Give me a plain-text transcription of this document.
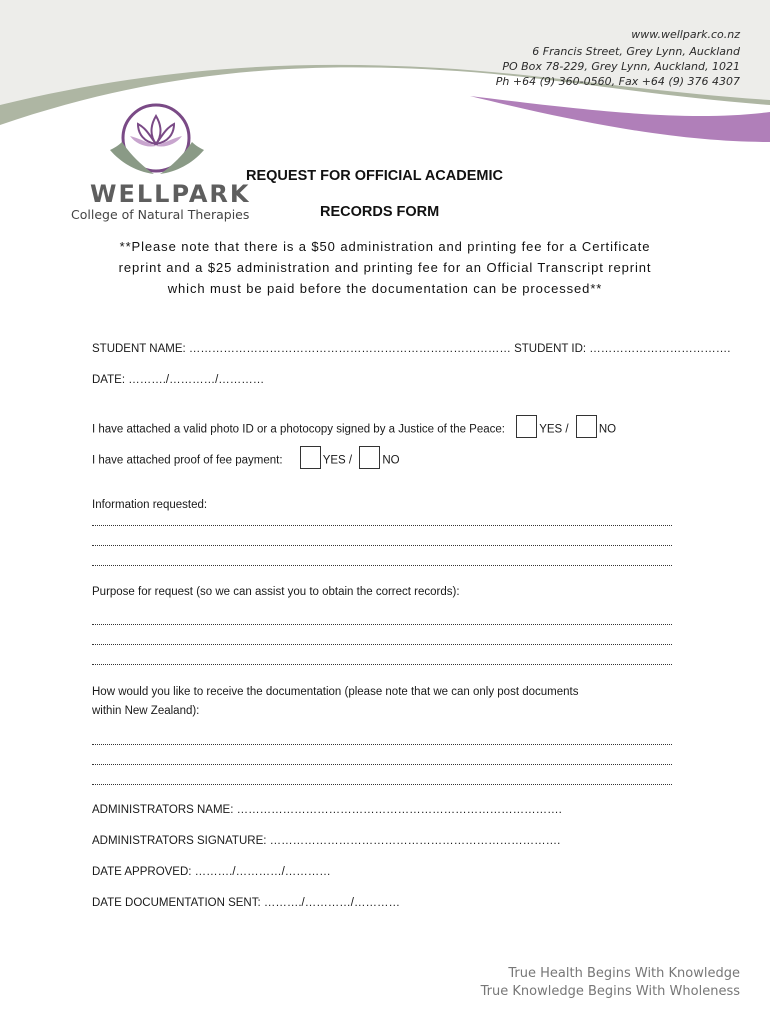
www.wellpark.co.nz
6 Francis Street, Grey Lynn, Auckland
PO Box 78-229, Grey Lynn, Auckland, 1021
Ph +64 (9) 360-0560, Fax +64 (9) 376 4307
WELLPARK
College of Natural Therapies
REQUEST FOR OFFICIAL ACADEMIC
RECORDS FORM
**Please note that there is a $50 administration and printing fee for a Certificate
reprint and a $25 administration and printing fee for an Official Transcript reprint
which must be paid before the documentation can be processed**
STUDENT NAME: ………………………………………………………………………… STUDENT ID: ……………………………….
DATE: ………./…………/…………
I have attached a valid photo ID or a photocopy signed by a Justice of the Peace:	YES /	NO
I have attached proof of fee payment:	YES /	NO
Information requested:
Purpose for request (so we can assist you to obtain the correct records):
How would you like to receive the documentation (please note that we can only post documents
within New Zealand):
ADMINISTRATORS NAME: ………………………………………………………………………….
ADMINISTRATORS SIGNATURE: ………………………………………………………………….
DATE APPROVED: ………./…………/…………
DATE DOCUMENTATION SENT: ………./…………/…………
True Health Begins With Knowledge
True Knowledge Begins With Wholeness
